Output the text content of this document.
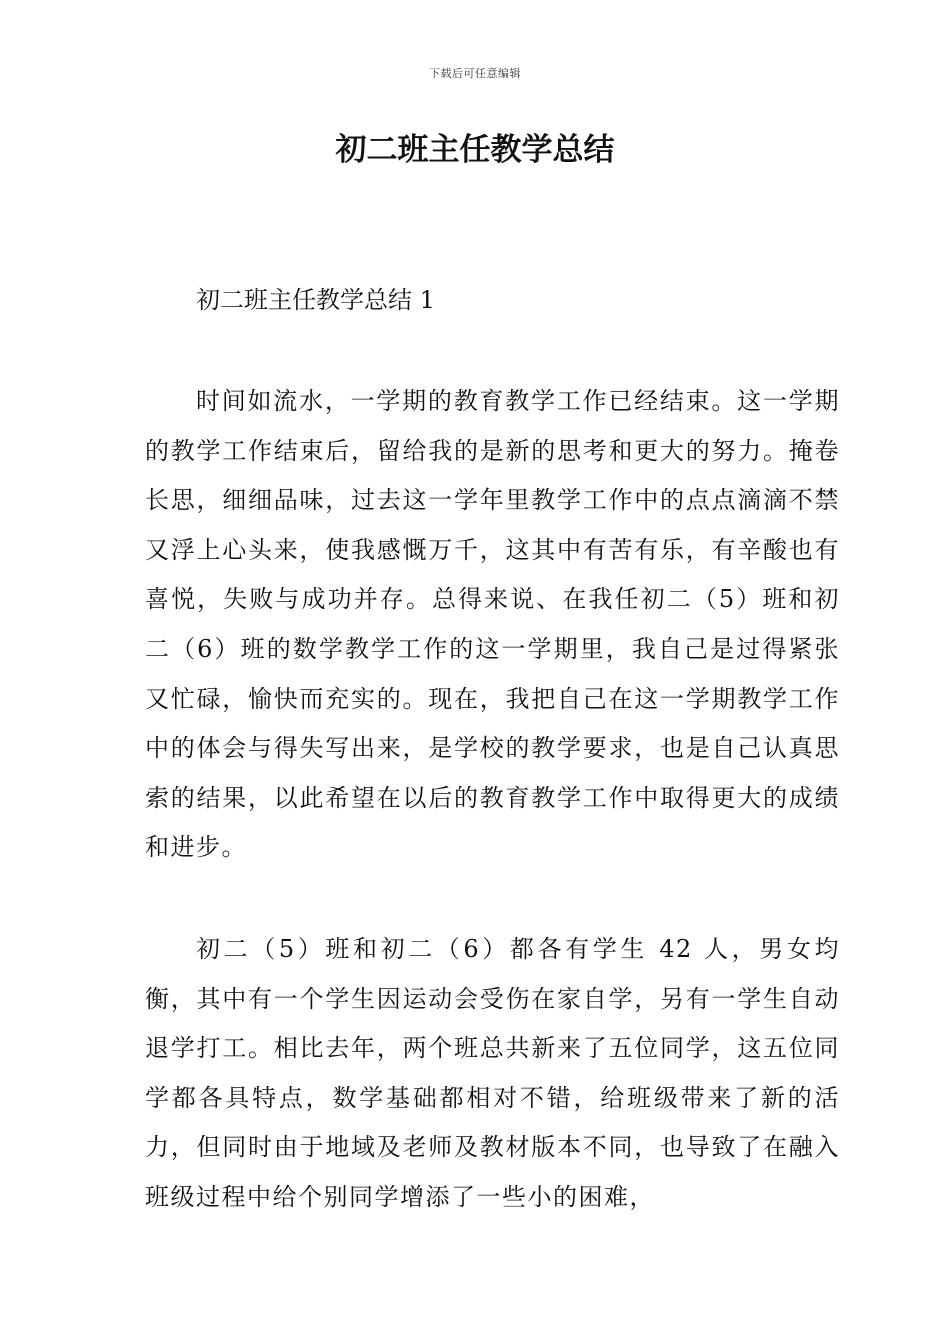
下载后可任意编辑
初二班主任教学总结
初二班主任教学总结 1

时间如流水，一学期的教育教学工作已经结束。这一学期的教学工作结束后，留给我的是新的思考和更大的努力。掩卷长思，细细品味，过去这一学年里教学工作中的点点滴滴不禁又浮上心头来，使我感慨万千，这其中有苦有乐，有辛酸也有喜悦，失败与成功并存。总得来说、在我任初二（5）班和初二（6）班的数学教学工作的这一学期里，我自己是过得紧张又忙碌，愉快而充实的。现在，我把自己在这一学期教学工作中的体会与得失写出来，是学校的教学要求，也是自己认真思索的结果，以此希望在以后的教育教学工作中取得更大的成绩和进步。

初二（5）班和初二（6）都各有学生 42 人，男女均衡，其中有一个学生因运动会受伤在家自学，另有一学生自动退学打工。相比去年，两个班总共新来了五位同学，这五位同学都各具特点，数学基础都相对不错，给班级带来了新的活力，但同时由于地域及老师及教材版本不同，也导致了在融入班级过程中给个别同学增添了一些小的困难，
